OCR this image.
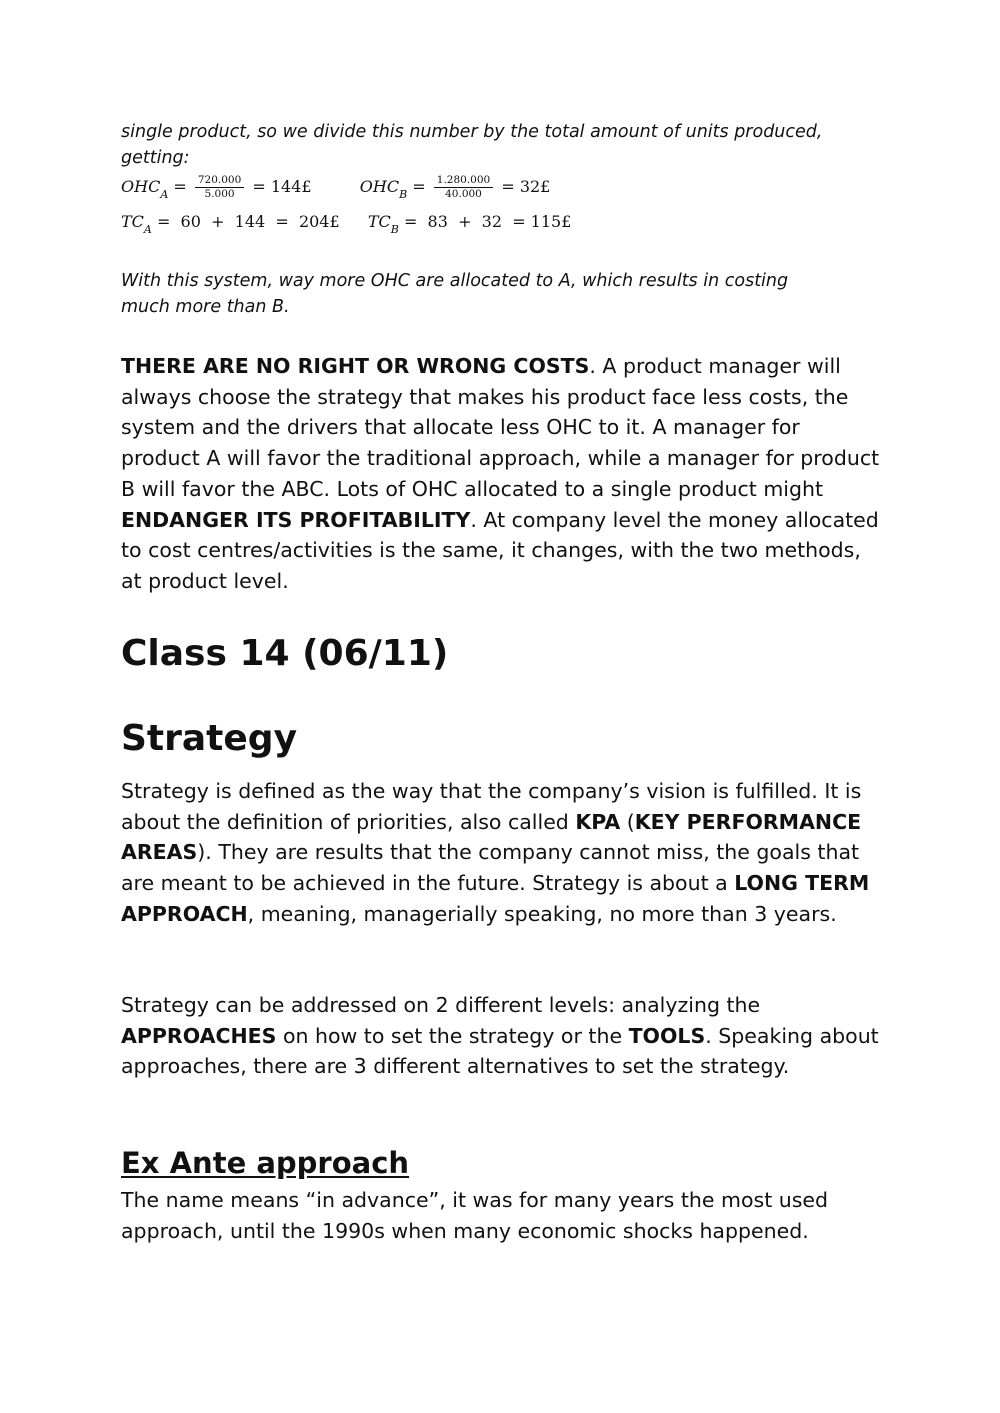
single product, so we divide this number by the total amount of units produced,
getting:

$OHC_A = \frac{720.000}{5.000}$ = 144£	$OHC_B = \frac{1.280.000}{40.000}$ = 32£
$TC_A = 60 + 144$  =  204£ $TC_B = 83 + 32$  = 115£

With this system, way more OHC are allocated to A, which results in costing
much more than B.

THERE ARE NO RIGHT OR WRONG COSTS. A product manager will always choose the strategy that makes his product face less costs, the system and the drivers that allocate less OHC to it. A manager for product A will favor the traditional approach, while a manager for product B will favor the ABC. Lots of OHC allocated to a single product might ENDANGER ITS PROFITABILITY. At company level the money allocated to cost centres/activities is the same, it changes, with the two methods, at product level.

Class 14 (06/11)
Strategy

Strategy is defined as the way that the company’s vision is fulfilled. It is about the definition of priorities, also called KPA (KEY PERFORMANCE AREAS). They are results that the company cannot miss, the goals that are meant to be achieved in the future. Strategy is about a LONG TERM APPROACH, meaning, managerially speaking, no more than 3 years.

Strategy can be addressed on 2 different levels: analyzing the APPROACHES on how to set the strategy or the TOOLS. Speaking about approaches, there are 3 different alternatives to set the strategy.

Ex Ante approach

The name means “in advance”, it was for many years the most used approach, until the 1990s when many economic shocks happened.
